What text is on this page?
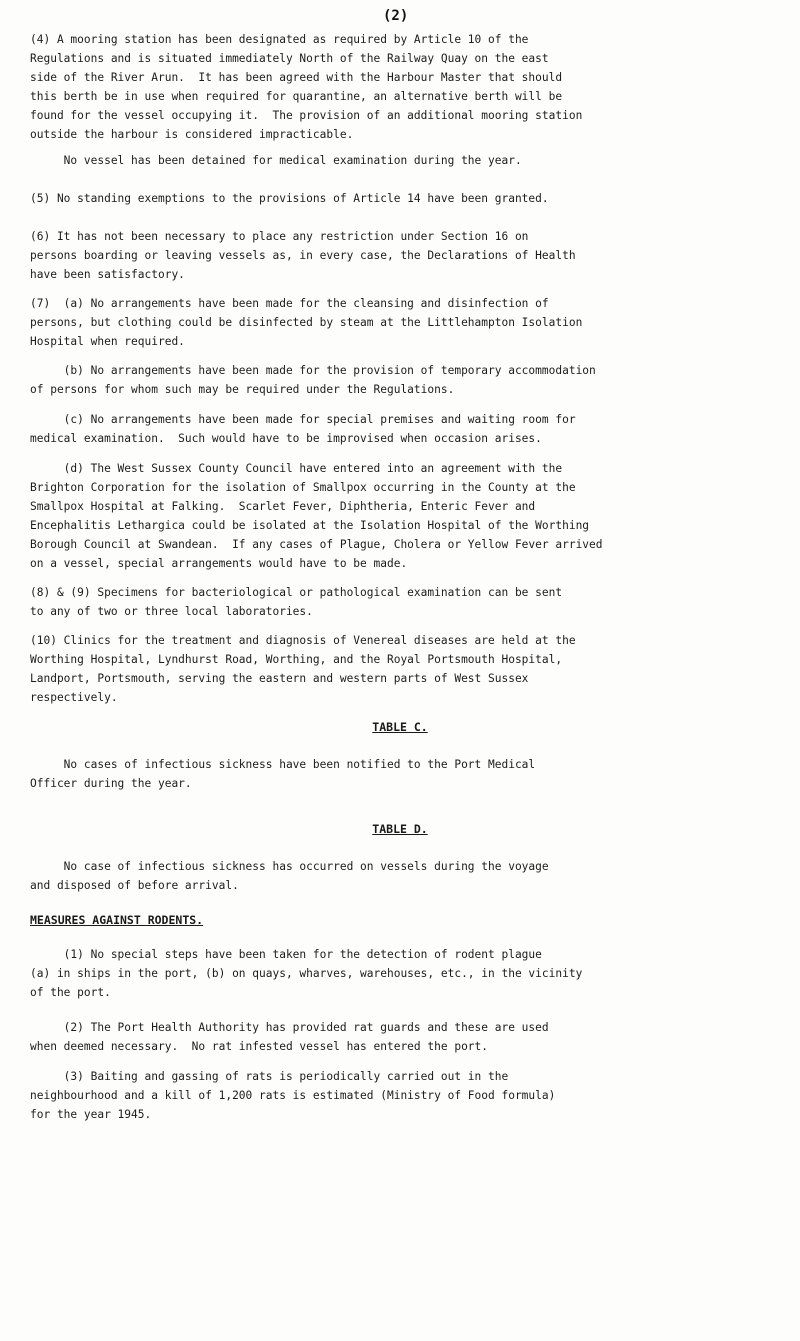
(2)
(4) A mooring station has been designated as required by Article 10 of the
Regulations and is situated immediately North of the Railway Quay on the east
side of the River Arun.  It has been agreed with the Harbour Master that should
this berth be in use when required for quarantine, an alternative berth will be
found for the vessel occupying it.  The provision of an additional mooring station
outside the harbour is considered impracticable.
No vessel has been detained for medical examination during the year.
(5) No standing exemptions to the provisions of Article 14 have been granted.
(6) It has not been necessary to place any restriction under Section 16 on
persons boarding or leaving vessels as, in every case, the Declarations of Health
have been satisfactory.
(7)  (a) No arrangements have been made for the cleansing and disinfection of
persons, but clothing could be disinfected by steam at the Littlehampton Isolation
Hospital when required.
(b) No arrangements have been made for the provision of temporary accommodation
of persons for whom such may be required under the Regulations.
(c) No arrangements have been made for special premises and waiting room for
medical examination.  Such would have to be improvised when occasion arises.
(d) The West Sussex County Council have entered into an agreement with the
Brighton Corporation for the isolation of Smallpox occurring in the County at the
Smallpox Hospital at Falking.  Scarlet Fever, Diphtheria, Enteric Fever and
Encephalitis Lethargica could be isolated at the Isolation Hospital of the Worthing
Borough Council at Swandean.  If any cases of Plague, Cholera or Yellow Fever arrived
on a vessel, special arrangements would have to be made.
(8) & (9) Specimens for bacteriological or pathological examination can be sent
to any of two or three local laboratories.
(10) Clinics for the treatment and diagnosis of Venereal diseases are held at the
Worthing Hospital, Lyndhurst Road, Worthing, and the Royal Portsmouth Hospital,
Landport, Portsmouth, serving the eastern and western parts of West Sussex
respectively.
TABLE C.
No cases of infectious sickness have been notified to the Port Medical
Officer during the year.
TABLE D.
No case of infectious sickness has occurred on vessels during the voyage
and disposed of before arrival.
MEASURES AGAINST RODENTS.
(1) No special steps have been taken for the detection of rodent plague
(a) in ships in the port, (b) on quays, wharves, warehouses, etc., in the vicinity
of the port.
(2) The Port Health Authority has provided rat guards and these are used
when deemed necessary.  No rat infested vessel has entered the port.
(3) Baiting and gassing of rats is periodically carried out in the
neighbourhood and a kill of 1,200 rats is estimated (Ministry of Food formula)
for the year 1945.
